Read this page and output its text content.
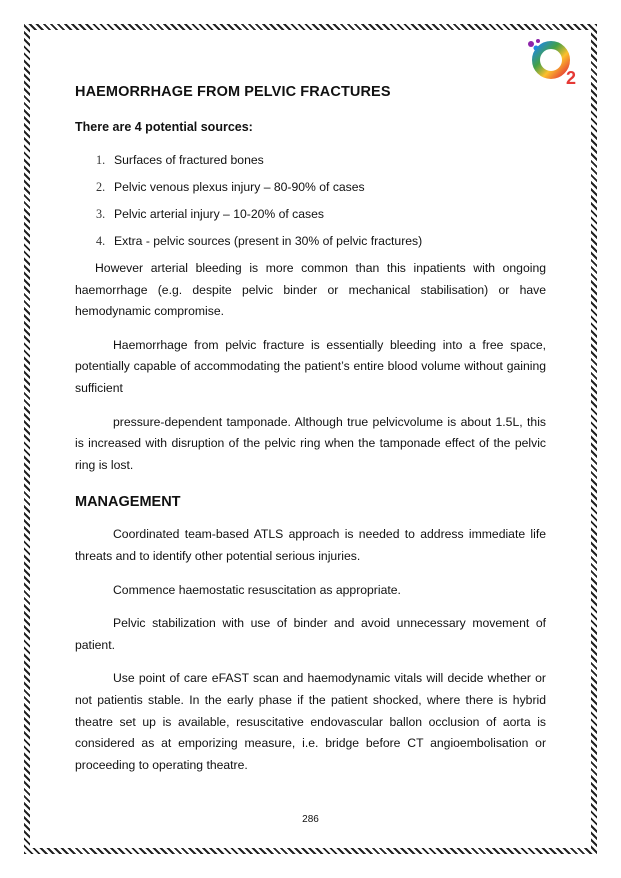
2
HAEMORRHAGE FROM PELVIC FRACTURES
There are 4 potential sources:
1. Surfaces of fractured bones
2. Pelvic venous plexus injury – 80-90% of cases
3. Pelvic arterial injury – 10-20% of cases
4. Extra - pelvic sources (present in 30% of pelvic fractures)

However arterial bleeding is more common than this inpatients with ongoing haemorrhage (e.g. despite pelvic binder or mechanical stabilisation) or have hemodynamic compromise.

Haemorrhage from pelvic fracture is essentially bleeding into a free space, potentially capable of accommodating the patient’s entire blood volume without gaining sufficient

pressure-dependent tamponade. Although true pelvicvolume is about 1.5L, this is increased with disruption of the pelvic ring when the tamponade effect of the pelvic ring is lost.

MANAGEMENT

Coordinated team-based ATLS approach is needed to address immediate life threats and to identify other potential serious injuries.

Commence haemostatic resuscitation as appropriate.

Pelvic stabilization with use of binder and avoid unnecessary movement of patient.

Use point of care eFAST scan and haemodynamic vitals will decide whether or not patientis stable. In the early phase if the patient shocked, where there is hybrid theatre set up is available, resuscitative endovascular ballon occlusion of aorta is considered as at emporizing measure, i.e. bridge before CT angioembolisation or proceeding to operating theatre.

286
